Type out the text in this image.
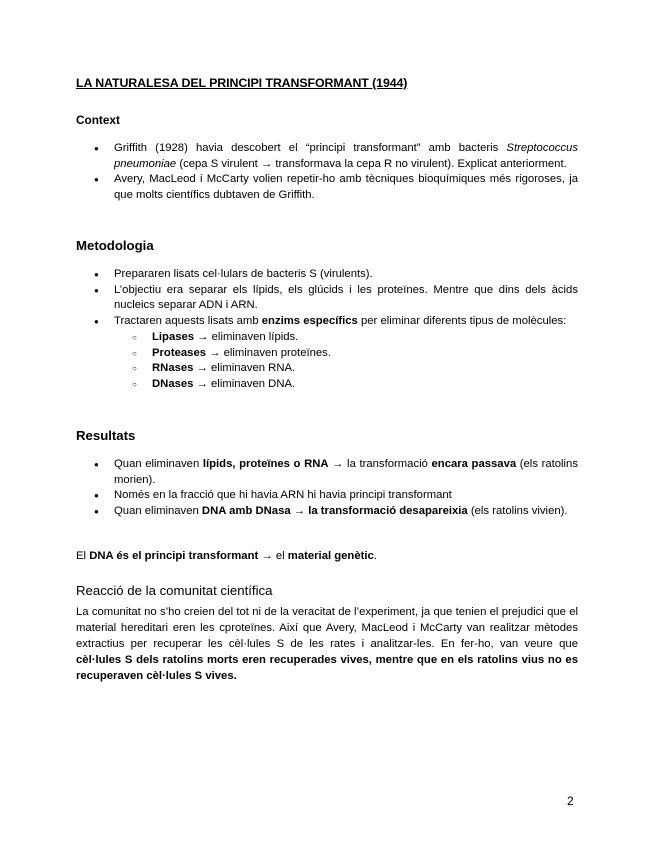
LA NATURALESA DEL PRINCIPI TRANSFORMANT (1944)
Context
● Griffith (1928) havia descobert el “principi transformant” amb bacteris Streptococcus pneumoniae (cepa S virulent → transformava la cepa R no virulent). Explicat anteriorment.
● Avery, MacLeod i McCarty volien repetir-ho amb tècniques bioquímiques més rigoroses, ja que molts científics dubtaven de Griffith.
Metodologia
● Prepararen lisats cel·lulars de bacteris S (virulents).
● L’objectiu era separar els lípids, els glúcids i les proteïnes. Mentre que dins dels àcids nucleics separar ADN i ARN.
● Tractaren aquests lisats amb enzims específics per eliminar diferents tipus de molècules:
○ Lipases → eliminaven lípids.
○ Proteases → eliminaven proteïnes.
○ RNases → eliminaven RNA.
○ DNases → eliminaven DNA.
Resultats
● Quan eliminaven lípids, proteïnes o RNA → la transformació encara passava (els ratolins morien).
● Només en la fracció que hi havia ARN hi havia principi transformant
● Quan eliminaven DNA amb DNasa → la transformació desapareixia (els ratolins vivien).

El DNA és el principi transformant → el material genètic.

Reacció de la comunitat científica

La comunitat no s’ho creien del tot ni de la veracitat de l’experiment, ja que tenien el prejudici que el material hereditari eren les cproteïnes. Així que Avery, MacLeod i McCarty van realitzar mètodes extractius per recuperar les cèl·lules S de les rates i analitzar-les. En fer-ho, van veure que cèl·lules S dels ratolins morts eren recuperades vives, mentre que en els ratolins vius no es recuperaven cèl·lules S vives.

2
